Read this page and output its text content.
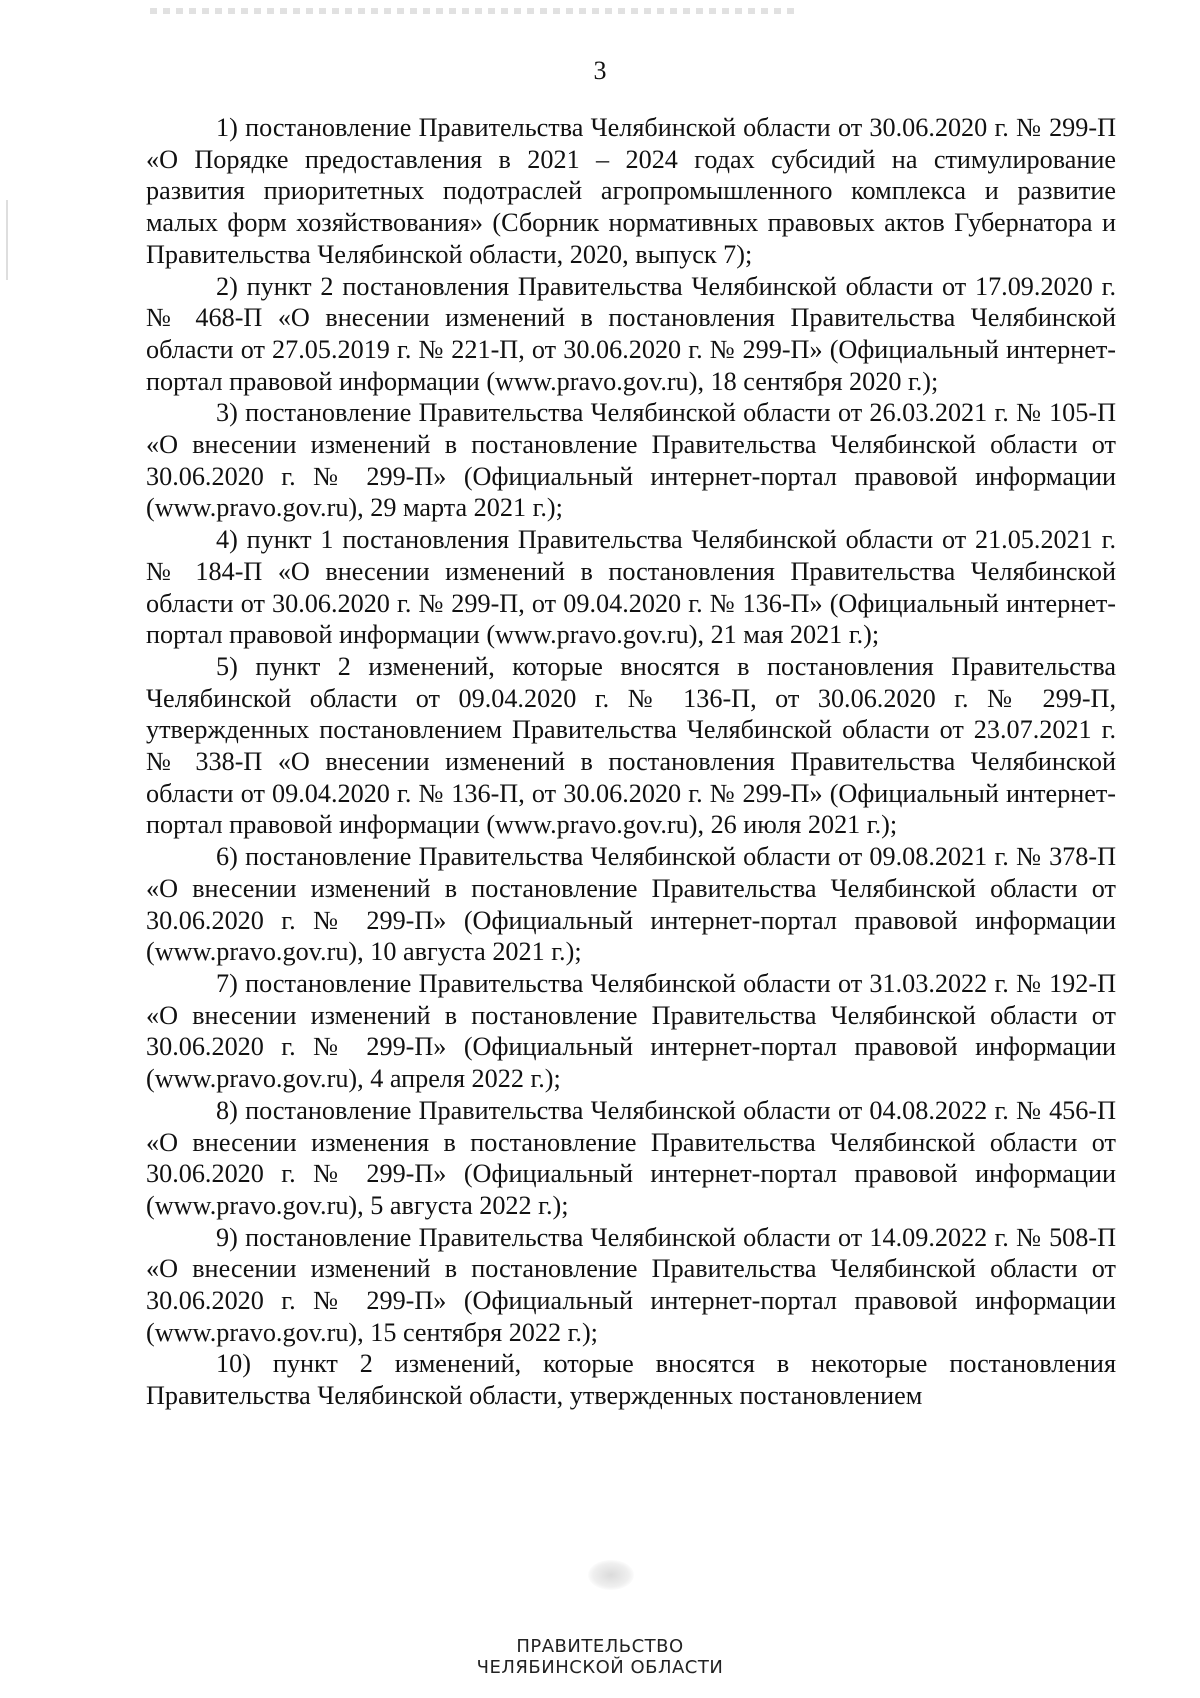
3

1) постановление Правительства Челябинской области от 30.06.2020 г. № 299-П «О Порядке предоставления в 2021 – 2024 годах субсидий на стимулирование развития приоритетных подотраслей агропромышленного комплекса и развитие малых форм хозяйствования» (Сборник нормативных правовых актов Губернатора и Правительства Челябинской области, 2020, выпуск 7);

2) пункт 2 постановления Правительства Челябинской области от 17.09.2020 г. № 468-П «О внесении изменений в постановления Правительства Челябинской области от 27.05.2019 г. № 221-П, от 30.06.2020 г. № 299-П» (Официальный интернет-портал правовой информации (www.pravo.gov.ru), 18 сентября 2020 г.);

3) постановление Правительства Челябинской области от 26.03.2021 г. № 105-П «О внесении изменений в постановление Правительства Челябинской области от 30.06.2020 г. № 299-П» (Официальный интернет-портал правовой информации (www.pravo.gov.ru), 29 марта 2021 г.);

4) пункт 1 постановления Правительства Челябинской области от 21.05.2021 г. № 184-П «О внесении изменений в постановления Правительства Челябинской области от 30.06.2020 г. № 299-П, от 09.04.2020 г. № 136-П» (Официальный интернет-портал правовой информации (www.pravo.gov.ru), 21 мая 2021 г.);

5) пункт 2 изменений, которые вносятся в постановления Правительства Челябинской области от 09.04.2020 г. № 136-П, от 30.06.2020 г. № 299-П, утвержденных постановлением Правительства Челябинской области от 23.07.2021 г. № 338-П «О внесении изменений в постановления Правительства Челябинской области от 09.04.2020 г. № 136-П, от 30.06.2020 г. № 299-П» (Официальный интернет-портал правовой информации (www.pravo.gov.ru), 26 июля 2021 г.);

6) постановление Правительства Челябинской области от 09.08.2021 г. № 378-П «О внесении изменений в постановление Правительства Челябинской области от 30.06.2020 г. № 299-П» (Официальный интернет-портал правовой информации (www.pravo.gov.ru), 10 августа 2021 г.);

7) постановление Правительства Челябинской области от 31.03.2022 г. № 192-П «О внесении изменений в постановление Правительства Челябинской области от 30.06.2020 г. № 299-П» (Официальный интернет-портал правовой информации (www.pravo.gov.ru), 4 апреля 2022 г.);

8) постановление Правительства Челябинской области от 04.08.2022 г. № 456-П «О внесении изменения в постановление Правительства Челябинской области от 30.06.2020 г. № 299-П» (Официальный интернет-портал правовой информации (www.pravo.gov.ru), 5 августа 2022 г.);

9) постановление Правительства Челябинской области от 14.09.2022 г. № 508-П «О внесении изменений в постановление Правительства Челябинской области от 30.06.2020 г. № 299-П» (Официальный интернет-портал правовой информации (www.pravo.gov.ru), 15 сентября 2022 г.);

10) пункт 2 изменений, которые вносятся в некоторые постановления Правительства Челябинской области, утвержденных постановлением

ПРАВИТЕЛЬСТВО
ЧЕЛЯБИНСКОЙ ОБЛАСТИ
